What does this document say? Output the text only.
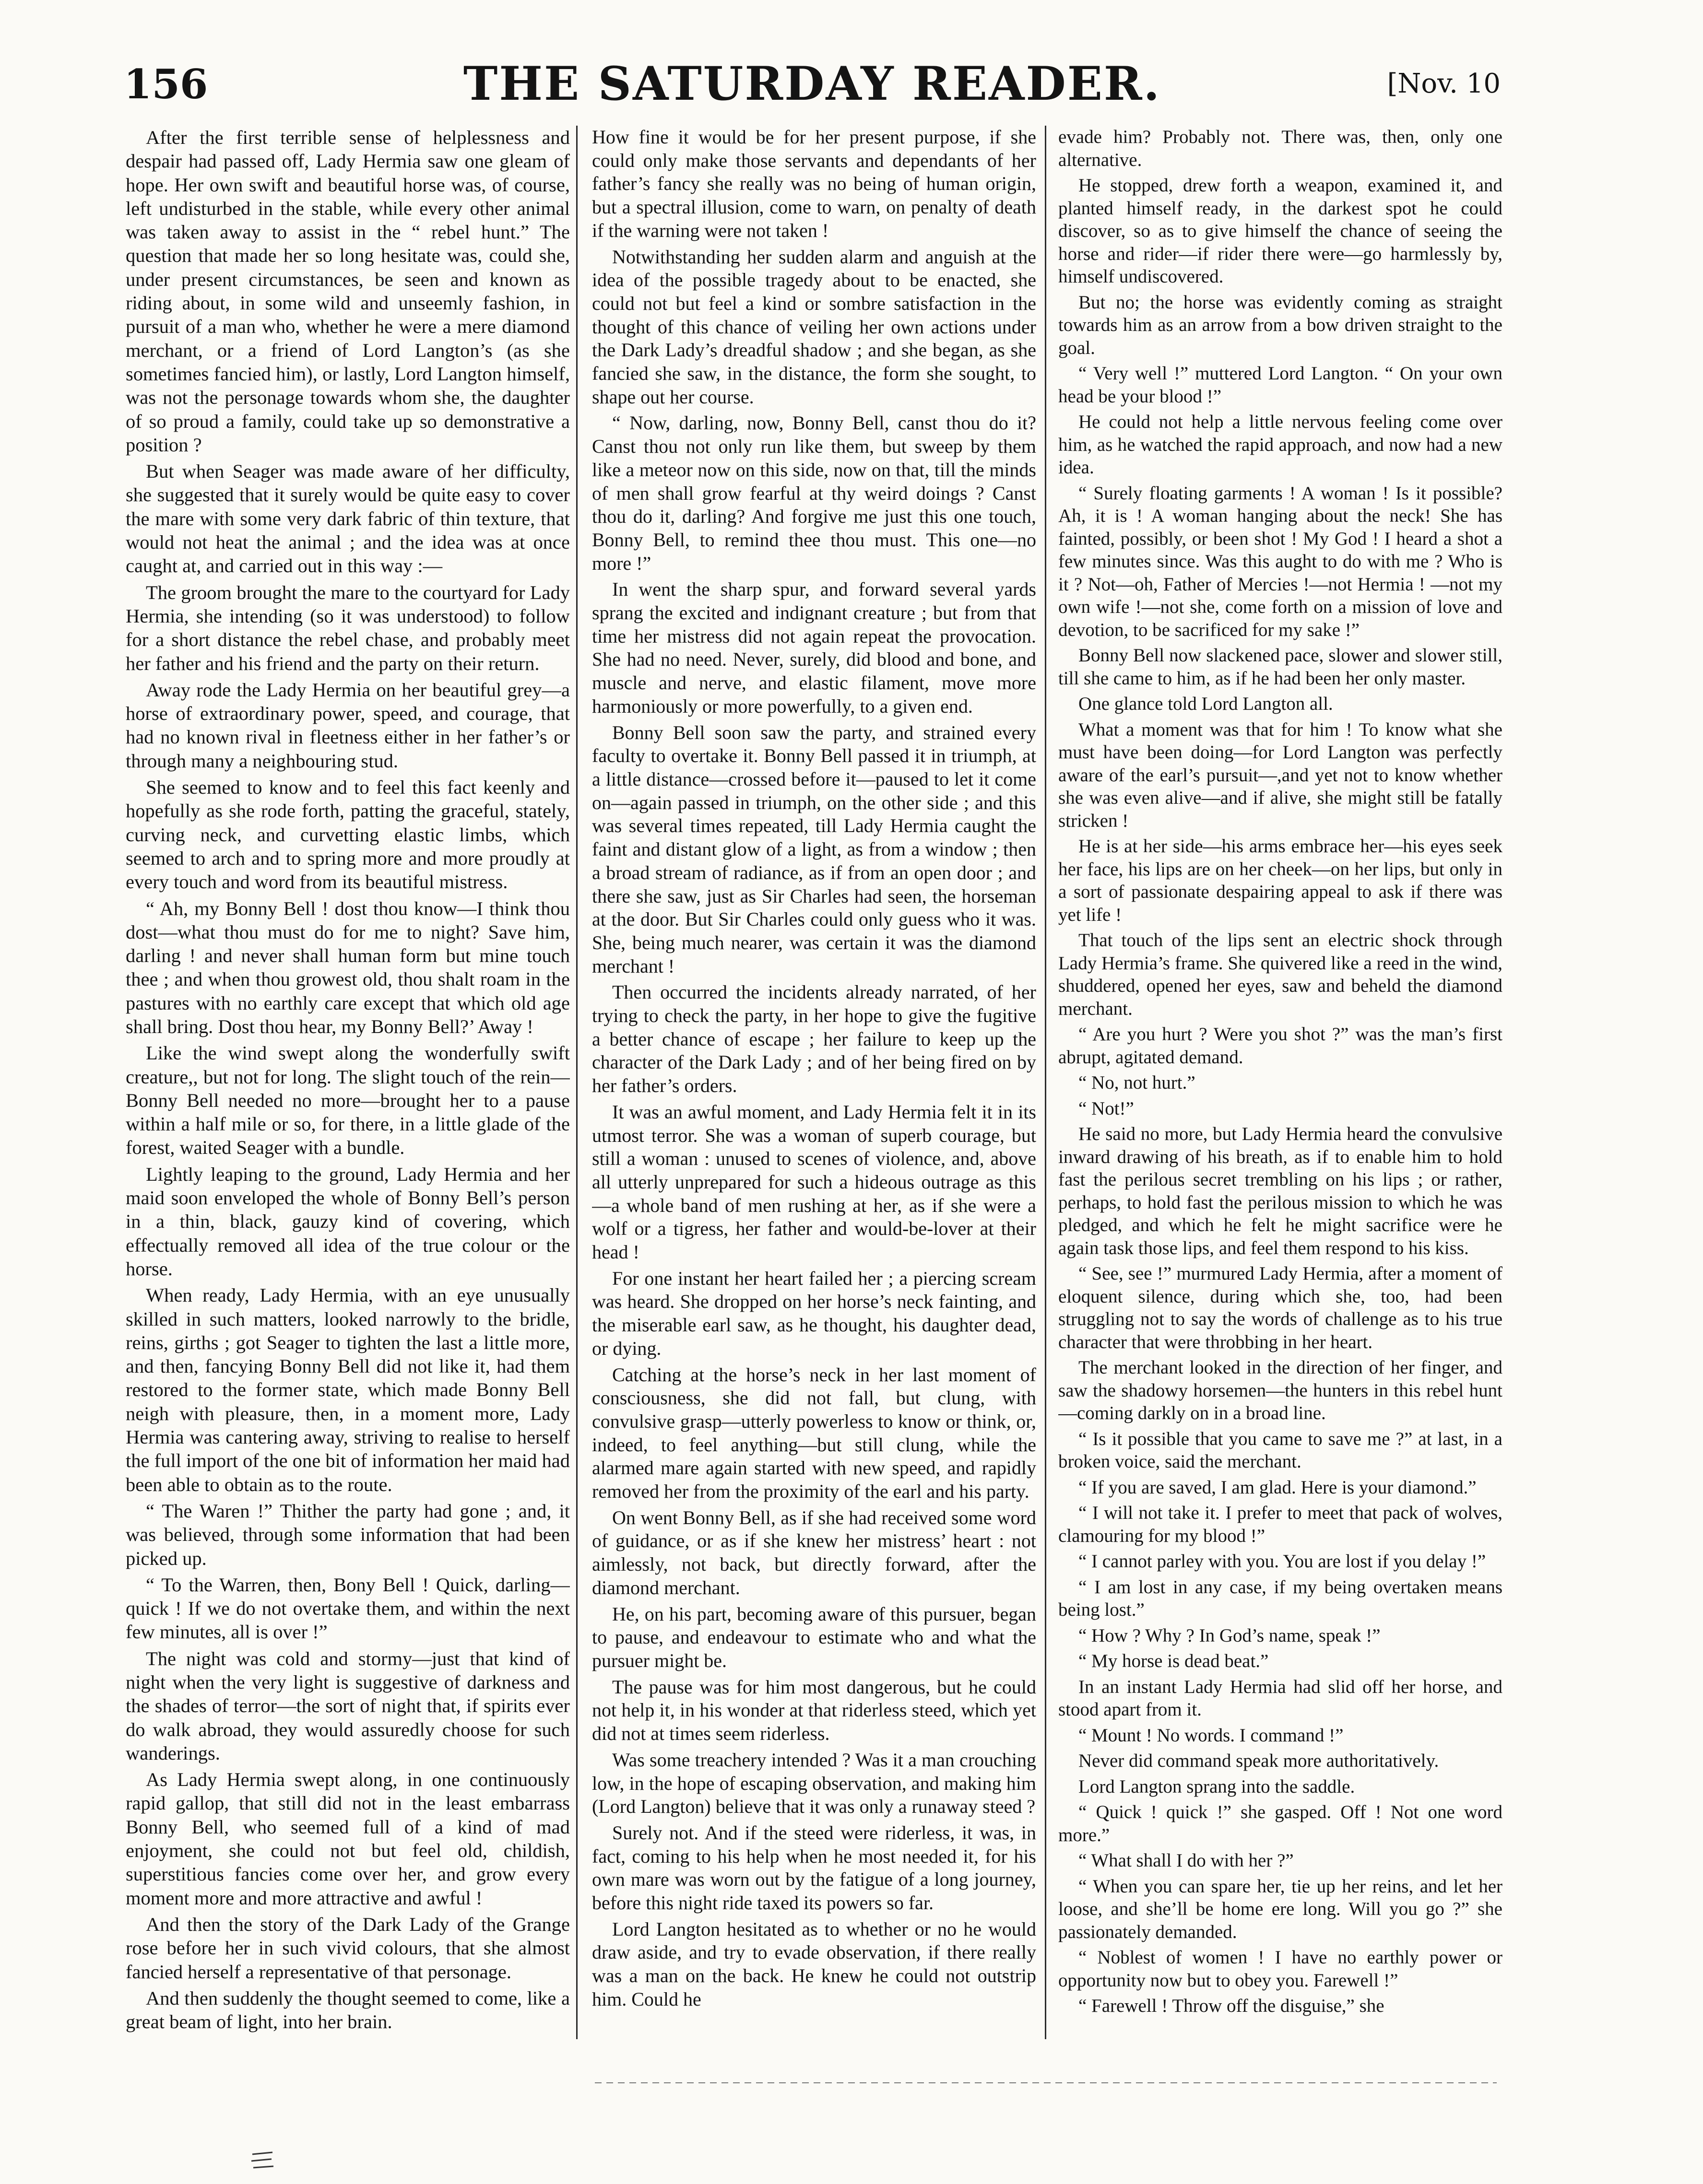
156	THE SATURDAY READER.	[Nov. 10

After the first terrible sense of helplessness and despair had passed off, Lady Hermia saw one gleam of hope. Her own swift and beautiful horse was, of course, left undisturbed in the stable, while every other animal was taken away to assist in the “ rebel hunt.” The question that made her so long hesitate was, could she, under present circumstances, be seen and known as riding about, in some wild and unseemly fashion, in pursuit of a man who, whether he were a mere diamond merchant, or a friend of Lord Langton’s (as she sometimes fancied him), or lastly, Lord Langton himself, was not the personage towards whom she, the daughter of so proud a family, could take up so demonstrative a position ?

But when Seager was made aware of her difficulty, she suggested that it surely would be quite easy to cover the mare with some very dark fabric of thin texture, that would not heat the animal ; and the idea was at once caught at, and carried out in this way :—

The groom brought the mare to the courtyard for Lady Hermia, she intending (so it was understood) to follow for a short distance the rebel chase, and probably meet her father and his friend and the party on their return.

Away rode the Lady Hermia on her beautiful grey—a horse of extraordinary power, speed, and courage, that had no known rival in fleetness either in her father’s or through many a neighbouring stud.

She seemed to know and to feel this fact keenly and hopefully as she rode forth, patting the graceful, stately, curving neck, and curvetting elastic limbs, which seemed to arch and to spring more and more proudly at every touch and word from its beautiful mistress.

“ Ah, my Bonny Bell ! dost thou know—I think thou dost—what thou must do for me to night? Save him, darling ! and never shall human form but mine touch thee ; and when thou growest old, thou shalt roam in the pastures with no earthly care except that which old age shall bring. Dost thou hear, my Bonny Bell?’ Away !

Like the wind swept along the wonderfully swift creature,, but not for long. The slight touch of the rein—Bonny Bell needed no more—brought her to a pause within a half mile or so, for there, in a little glade of the forest, waited Seager with a bundle.

Lightly leaping to the ground, Lady Hermia and her maid soon enveloped the whole of Bonny Bell’s person in a thin, black, gauzy kind of covering, which effectually removed all idea of the true colour or the horse.

When ready, Lady Hermia, with an eye unusually skilled in such matters, looked narrowly to the bridle, reins, girths ; got Seager to tighten the last a little more, and then, fancying Bonny Bell did not like it, had them restored to the former state, which made Bonny Bell neigh with pleasure, then, in a moment more, Lady Hermia was cantering away, striving to realise to herself the full import of the one bit of information her maid had been able to obtain as to the route.

“ The Waren !” Thither the party had gone ; and, it was believed, through some information that had been picked up.

“ To the Warren, then, Bony Bell ! Quick, darling—quick ! If we do not overtake them, and within the next few minutes, all is over !”

The night was cold and stormy—just that kind of night when the very light is suggestive of darkness and the shades of terror—the sort of night that, if spirits ever do walk abroad, they would assuredly choose for such wanderings.

As Lady Hermia swept along, in one continuously rapid gallop, that still did not in the least embarrass Bonny Bell, who seemed full of a kind of mad enjoyment, she could not but feel old, childish, superstitious fancies come over her, and grow every moment more and more attractive and awful !

And then the story of the Dark Lady of the Grange rose before her in such vivid colours, that she almost fancied herself a representative of that personage.

And then suddenly the thought seemed to come, like a great beam of light, into her brain.

How fine it would be for her present purpose, if she could only make those servants and dependants of her father’s fancy she really was no being of human origin, but a spectral illusion, come to warn, on penalty of death if the warning were not taken !

Notwithstanding her sudden alarm and anguish at the idea of the possible tragedy about to be enacted, she could not but feel a kind or sombre satisfaction in the thought of this chance of veiling her own actions under the Dark Lady’s dreadful shadow ; and she began, as she fancied she saw, in the distance, the form she sought, to shape out her course.

“ Now, darling, now, Bonny Bell, canst thou do it? Canst thou not only run like them, but sweep by them like a meteor now on this side, now on that, till the minds of men shall grow fearful at thy weird doings ? Canst thou do it, darling? And forgive me just this one touch, Bonny Bell, to remind thee thou must. This one—no more !”

In went the sharp spur, and forward several yards sprang the excited and indignant creature ; but from that time her mistress did not again repeat the provocation. She had no need. Never, surely, did blood and bone, and muscle and nerve, and elastic filament, move more harmoniously or more powerfully, to a given end.

Bonny Bell soon saw the party, and strained every faculty to overtake it. Bonny Bell passed it in triumph, at a little distance—crossed before it—paused to let it come on—again passed in triumph, on the other side ; and this was several times repeated, till Lady Hermia caught the faint and distant glow of a light, as from a window ; then a broad stream of radiance, as if from an open door ; and there she saw, just as Sir Charles had seen, the horseman at the door. But Sir Charles could only guess who it was. She, being much nearer, was certain it was the diamond merchant !

Then occurred the incidents already narrated, of her trying to check the party, in her hope to give the fugitive a better chance of escape ; her failure to keep up the character of the Dark Lady ; and of her being fired on by her father’s orders.

It was an awful moment, and Lady Hermia felt it in its utmost terror. She was a woman of superb courage, but still a woman : unused to scenes of violence, and, above all utterly unprepared for such a hideous outrage as this—a whole band of men rushing at her, as if she were a wolf or a tigress, her father and would-be-lover at their head !

For one instant her heart failed her ; a piercing scream was heard. She dropped on her horse’s neck fainting, and the miserable earl saw, as he thought, his daughter dead, or dying.

Catching at the horse’s neck in her last moment of consciousness, she did not fall, but clung, with convulsive grasp—utterly powerless to know or think, or, indeed, to feel anything—but still clung, while the alarmed mare again started with new speed, and rapidly removed her from the proximity of the earl and his party.

On went Bonny Bell, as if she had received some word of guidance, or as if she knew her mistress’ heart : not aimlessly, not back, but directly forward, after the diamond merchant.

He, on his part, becoming aware of this pursuer, began to pause, and endeavour to estimate who and what the pursuer might be.

The pause was for him most dangerous, but he could not help it, in his wonder at that riderless steed, which yet did not at times seem riderless.

Was some treachery intended ? Was it a man crouching low, in the hope of escaping observation, and making him (Lord Langton) believe that it was only a runaway steed ?

Surely not. And if the steed were riderless, it was, in fact, coming to his help when he most needed it, for his own mare was worn out by the fatigue of a long journey, before this night ride taxed its powers so far.

Lord Langton hesitated as to whether or no he would draw aside, and try to evade observation, if there really was a man on the back. He knew he could not outstrip him. Could he

evade him? Probably not. There was, then, only one alternative.

He stopped, drew forth a weapon, examined it, and planted himself ready, in the darkest spot he could discover, so as to give himself the chance of seeing the horse and rider—if rider there were—go harmlessly by, himself undiscovered.

But no; the horse was evidently coming as straight towards him as an arrow from a bow driven straight to the goal.

“ Very well !” muttered Lord Langton. “ On your own head be your blood !”

He could not help a little nervous feeling come over him, as he watched the rapid approach, and now had a new idea.

“ Surely floating garments ! A woman ! Is it possible? Ah, it is ! A woman hanging about the neck! She has fainted, possibly, or been shot ! My God ! I heard a shot a few minutes since. Was this aught to do with me ? Who is it ? Not—oh, Father of Mercies !—not Hermia ! —not my own wife !—not she, come forth on a mission of love and devotion, to be sacrificed for my sake !”

Bonny Bell now slackened pace, slower and slower still, till she came to him, as if he had been her only master.

One glance told Lord Langton all.

What a moment was that for him ! To know what she must have been doing—for Lord Langton was perfectly aware of the earl’s pursuit—,and yet not to know whether she was even alive—and if alive, she might still be fatally stricken !

He is at her side—his arms embrace her—his eyes seek her face, his lips are on her cheek—on her lips, but only in a sort of passionate despairing appeal to ask if there was yet life !

That touch of the lips sent an electric shock through Lady Hermia’s frame. She quivered like a reed in the wind, shuddered, opened her eyes, saw and beheld the diamond merchant.

“ Are you hurt ? Were you shot ?” was the man’s first abrupt, agitated demand.

“ No, not hurt.”

“ Not!”

He said no more, but Lady Hermia heard the convulsive inward drawing of his breath, as if to enable him to hold fast the perilous secret trembling on his lips ; or rather, perhaps, to hold fast the perilous mission to which he was pledged, and which he felt he might sacrifice were he again task those lips, and feel them respond to his kiss.

“ See, see !” murmured Lady Hermia, after a moment of eloquent silence, during which she, too, had been struggling not to say the words of challenge as to his true character that were throbbing in her heart.

The merchant looked in the direction of her finger, and saw the shadowy horsemen—the hunters in this rebel hunt—coming darkly on in a broad line.

“ Is it possible that you came to save me ?” at last, in a broken voice, said the merchant.

“ If you are saved, I am glad. Here is your diamond.”

“ I will not take it. I prefer to meet that pack of wolves, clamouring for my blood !”

“ I cannot parley with you. You are lost if you delay !”

“ I am lost in any case, if my being overtaken means being lost.”

“ How ? Why ? In God’s name, speak !”

“ My horse is dead beat.”

In an instant Lady Hermia had slid off her horse, and stood apart from it.

“ Mount ! No words. I command !”

Never did command speak more authoritatively.

Lord Langton sprang into the saddle.

“ Quick ! quick !” she gasped. Off ! Not one word more.”

“ What shall I do with her ?”

“ When you can spare her, tie up her reins, and let her loose, and she’ll be home ere long. Will you go ?” she passionately demanded.

“ Noblest of women ! I have no earthly power or opportunity now but to obey you. Farewell !”

“ Farewell ! Throw off the disguise,” she
